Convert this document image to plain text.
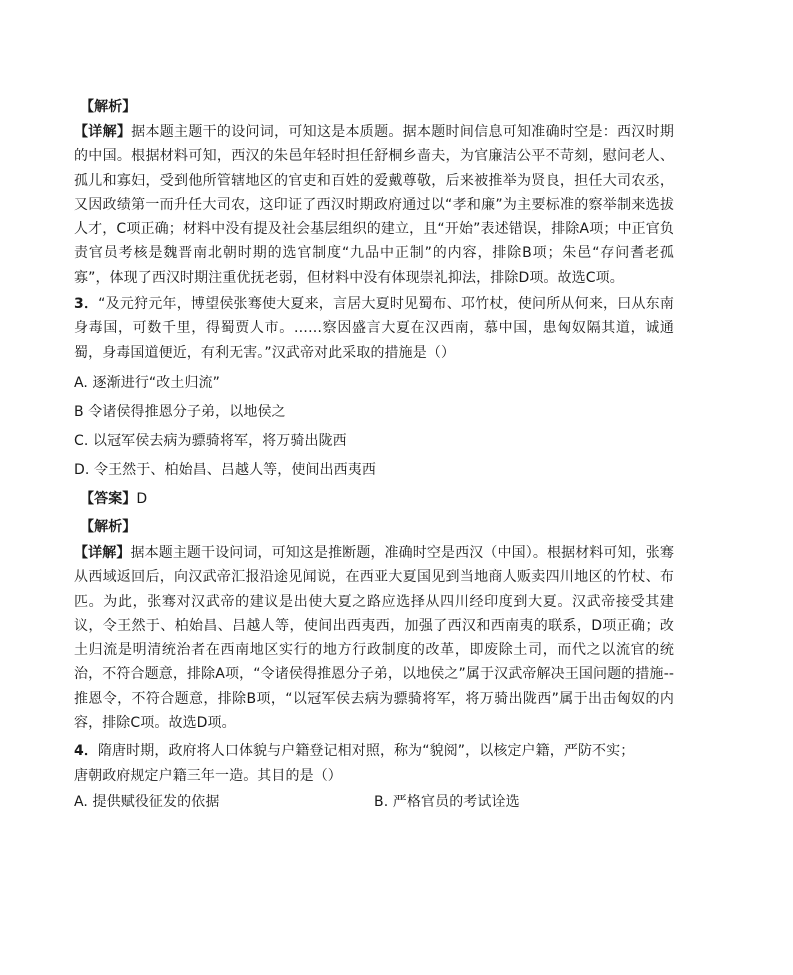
【解析】

【详解】据本题主题干的设问词，可知这是本质题。据本题时间信息可知准确时空是：西汉时期的中国。根据材料可知，西汉的朱邑年轻时担任舒桐乡啬夫，为官廉洁公平不苛刻，慰问老人、孤儿和寡妇，受到他所管辖地区的官吏和百姓的爱戴尊敬，后来被推举为贤良，担任大司农丞，又因政绩第一而升任大司农，这印证了西汉时期政府通过以“孝和廉”为主要标准的察举制来选拔人才，C项正确；材料中没有提及社会基层组织的建立，且“开始”表述错误，排除A项；中正官负责官员考核是魏晋南北朝时期的选官制度“九品中正制”的内容，排除B项；朱邑“存问耆老孤寡”，体现了西汉时期注重优抚老弱，但材料中没有体现崇礼抑法，排除D项。故选C项。

3．“及元狩元年，博望侯张骞使大夏来，言居大夏时见蜀布、邛竹杖，使问所从何来，曰从东南身毒国，可数千里，得蜀贾人市。……察因盛言大夏在汉西南，慕中国，患匈奴隔其道，诚通蜀，身毒国道便近，有利无害。”汉武帝对此采取的措施是（）

A. 逐渐进行“改土归流”

B 令诸侯得推恩分子弟，以地侯之

C. 以冠军侯去病为骠骑将军，将万骑出陇西

D. 令王然于、柏始昌、吕越人等，使间出西夷西

【答案】D

【解析】

【详解】据本题主题干设问词，可知这是推断题，准确时空是西汉（中国）。根据材料可知，张骞从西域返回后，向汉武帝汇报沿途见闻说，在西亚大夏国见到当地商人贩卖四川地区的竹杖、布匹。为此，张骞对汉武帝的建议是出使大夏之路应选择从四川经印度到大夏。汉武帝接受其建议，令王然于、柏始昌、吕越人等，使间出西夷西，加强了西汉和西南夷的联系，D项正确；改土归流是明清统治者在西南地区实行的地方行政制度的改革，即废除土司，而代之以流官的统治，不符合题意，排除A项，“令诸侯得推恩分子弟，以地侯之”属于汉武帝解决王国问题的措施--推恩令，不符合题意，排除B项，“以冠军侯去病为骠骑将军，将万骑出陇西”属于出击匈奴的内容，排除C项。故选D项。

4．隋唐时期，政府将人口体貌与户籍登记相对照，称为“貌阅”，以核定户籍，严防不实；

唐朝政府规定户籍三年一造。其目的是（）

A. 提供赋役征发的依据	B. 严格官员的考试诠选
